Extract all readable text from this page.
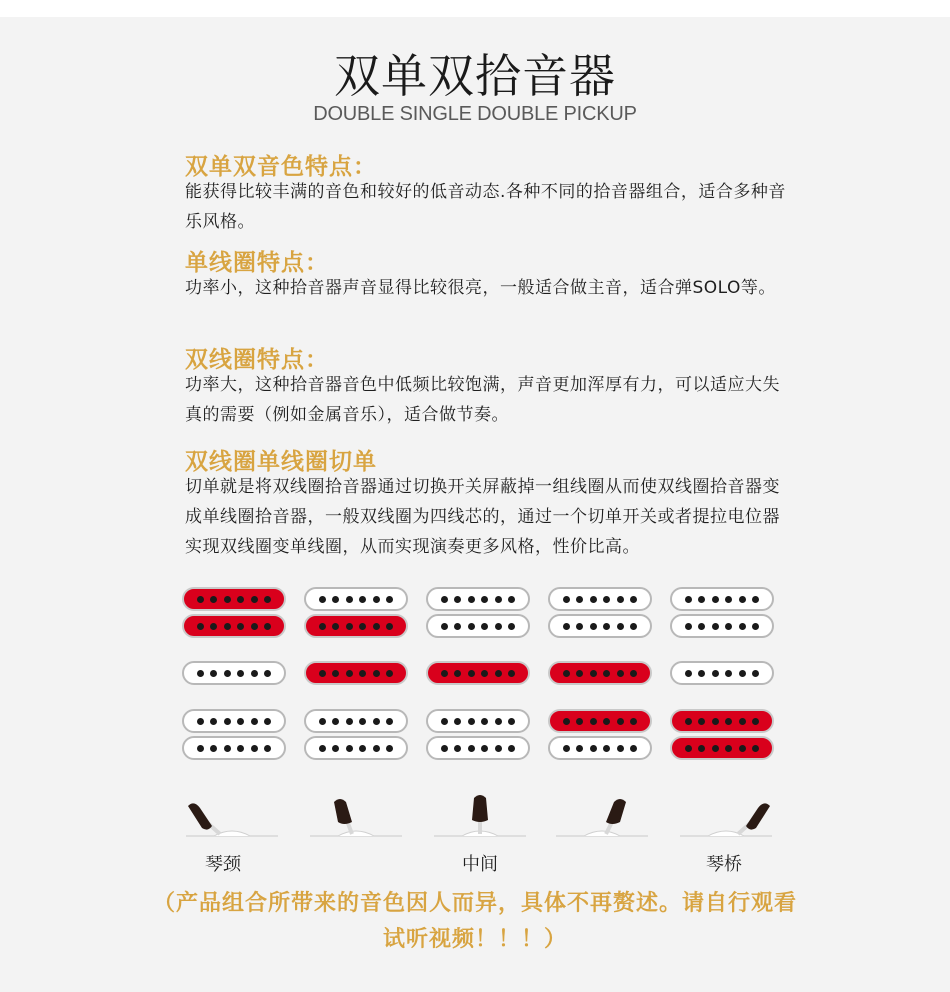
双单双拾音器
DOUBLE SINGLE DOUBLE PICKUP
双单双音色特点：
能获得比较丰满的音色和较好的低音动态.各种不同的拾音器组合，适合多种音乐风格。
单线圈特点：
功率小，这种拾音器声音显得比较很亮，一般适合做主音，适合弹SOLO等。
双线圈特点：
功率大，这种拾音器音色中低频比较饱满，声音更加浑厚有力，可以适应大失真的需要（例如金属音乐），适合做节奏。
双线圈单线圈切单
切单就是将双线圈拾音器通过切换开关屏蔽掉一组线圈从而使双线圈拾音器变成单线圈拾音器，一般双线圈为四线芯的，通过一个切单开关或者提拉电位器实现双线圈变单线圈，从而实现演奏更多风格，性价比高。
琴颈	中间	琴桥
（产品组合所带来的音色因人而异，具体不再赘述。请自行观看
试听视频！！！）
